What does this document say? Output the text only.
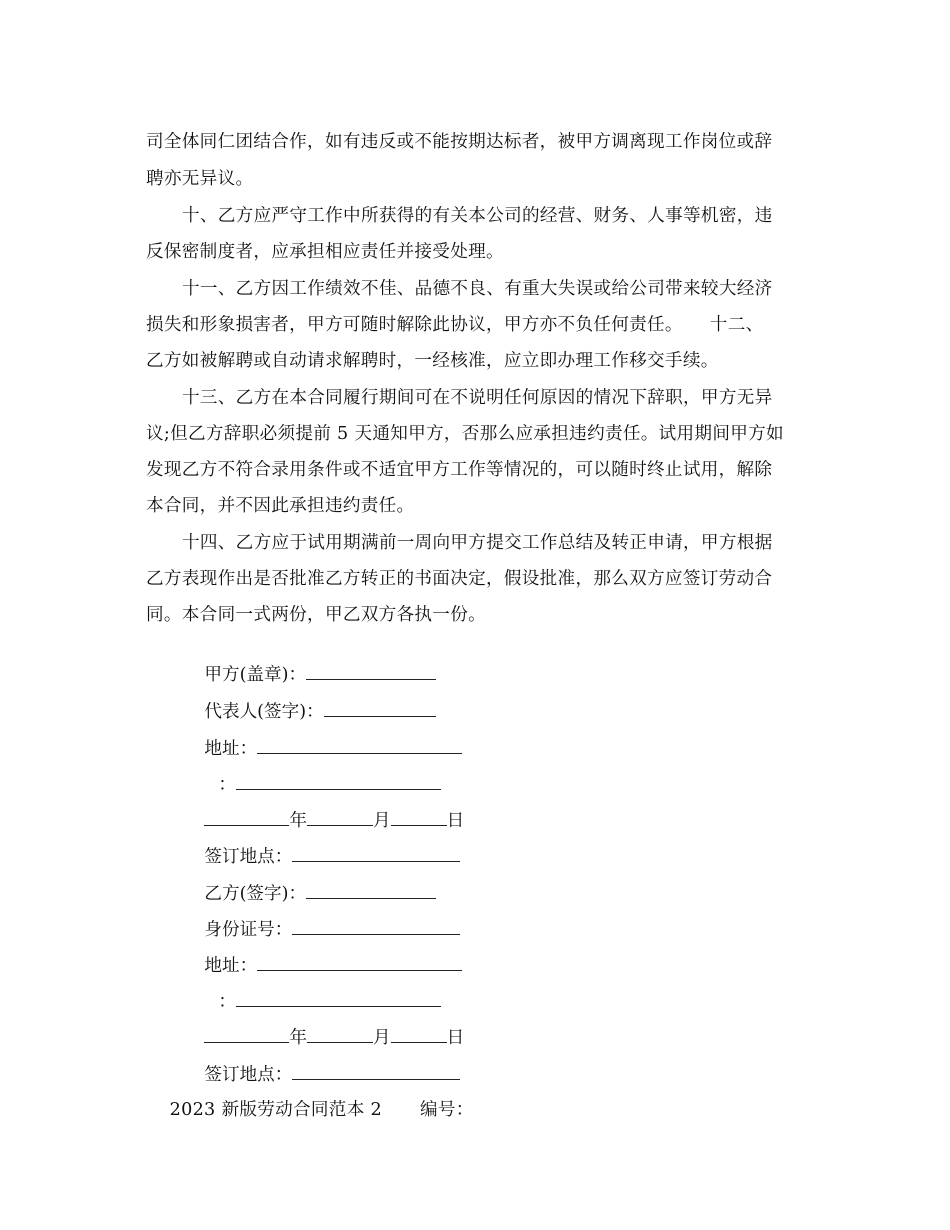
司全体同仁团结合作，如有违反或不能按期达标者，被甲方调离现工作岗位或辞
聘亦无异议。
十、乙方应严守工作中所获得的有关本公司的经营、财务、人事等机密，违
反保密制度者，应承担相应责任并接受处理。
十一、乙方因工作绩效不佳、品德不良、有重大失误或给公司带来较大经济
损失和形象损害者，甲方可随时解除此协议，甲方亦不负任何责任。　　十二、
乙方如被解聘或自动请求解聘时，一经核准，应立即办理工作移交手续。
十三、乙方在本合同履行期间可在不说明任何原因的情况下辞职，甲方无异
议;但乙方辞职必须提前 5 天通知甲方，否那么应承担违约责任。试用期间甲方如
发现乙方不符合录用条件或不适宜甲方工作等情况的，可以随时终止试用，解除
本合同，并不因此承担违约责任。
十四、乙方应于试用期满前一周向甲方提交工作总结及转正申请，甲方根据
乙方表现作出是否批准乙方转正的书面决定，假设批准，那么双方应签订劳动合
同。本合同一式两份，甲乙双方各执一份。

甲方(盖章)：

代表人(签字)：

地址：

：

年	月	日

签订地点：

乙方(签字)：

身份证号：

地址：

：

年	月	日

签订地点：

2023 新版劳动合同范本 2 编号：
